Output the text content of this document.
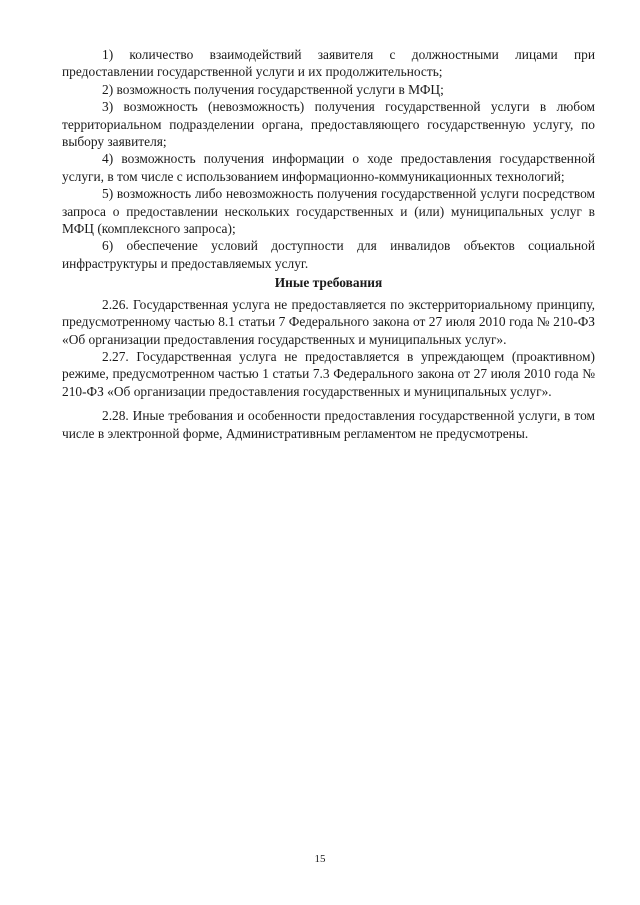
1) количество взаимодействий заявителя с должностными лицами при предоставлении государственной услуги и их продолжительность;

2) возможность получения государственной услуги в МФЦ;

3) возможность (невозможность) получения государственной услуги в любом территориальном подразделении органа, предоставляющего государственную услугу, по выбору заявителя;

4) возможность получения информации о ходе предоставления государственной услуги, в том числе с использованием информационно-коммуникационных технологий;

5) возможность либо невозможность получения государственной услуги посредством запроса о предоставлении нескольких государственных и (или) муниципальных услуг в МФЦ (комплексного запроса);

6) обеспечение условий доступности для инвалидов объектов социальной инфраструктуры и предоставляемых услуг.

Иные требования

2.26. Государственная услуга не предоставляется по экстерриториальному принципу, предусмотренному частью 8.1 статьи 7 Федерального закона от 27 июля 2010 года № 210-ФЗ «Об организации предоставления государственных и муниципальных услуг».

2.27. Государственная услуга не предоставляется в упреждающем (проактивном) режиме, предусмотренном частью 1 статьи 7.3 Федерального закона от 27 июля 2010 года № 210-ФЗ «Об организации предоставления государственных и муниципальных услуг».

2.28. Иные требования и особенности предоставления государственной услуги, в том числе в электронной форме, Административным регламентом не предусмотрены.

15
